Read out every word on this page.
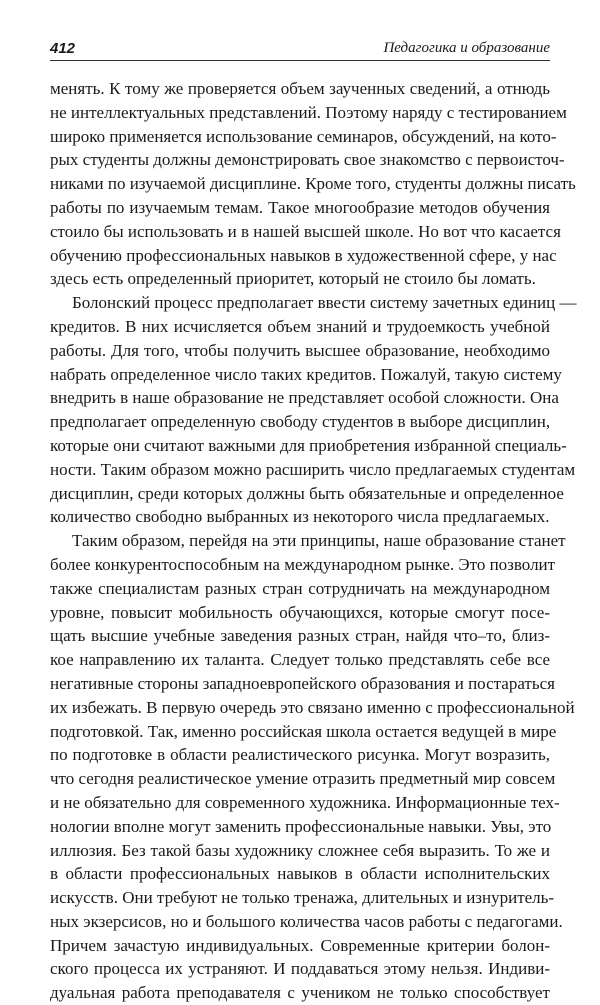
412	Педагогика и образование
менять. К тому же проверяется объем заученных сведений, а отнюдь
не интеллектуальных представлений. Поэтому наряду с тестированием
широко применяется использование семинаров, обсуждений, на кото-
рых студенты должны демонстрировать свое знакомство с первоисточ-
никами по изучаемой дисциплине. Кроме того, студенты должны писать
работы по изучаемым темам. Такое многообразие методов обучения
стоило бы использовать и в нашей высшей школе. Но вот что касается
обучению профессиональных навыков в художественной сфере, у нас
здесь есть определенный приоритет, который не стоило бы ломать.
Болонский процесс предполагает ввести систему зачетных единиц —
кредитов. В них исчисляется объем знаний и трудоемкость учебной
работы. Для того, чтобы получить высшее образование, необходимо
набрать определенное число таких кредитов. Пожалуй, такую систему
внедрить в наше образование не представляет особой сложности. Она
предполагает определенную свободу студентов в выборе дисциплин,
которые они считают важными для приобретения избранной специаль-
ности. Таким образом можно расширить число предлагаемых студентам
дисциплин, среди которых должны быть обязательные и определенное
количество свободно выбранных из некоторого числа предлагаемых.
Таким образом, перейдя на эти принципы, наше образование станет
более конкурентоспособным на международном рынке. Это позволит
также специалистам разных стран сотрудничать на международном
уровне, повысит мобильность обучающихся, которые смогут посе-
щать высшие учебные заведения разных стран, найдя что–то, близ-
кое направлению их таланта. Следует только представлять себе все
негативные стороны западноевропейского образования и постараться
их избежать. В первую очередь это связано именно с профессиональной
подготовкой. Так, именно российская школа остается ведущей в мире
по подготовке в области реалистического рисунка. Могут возразить,
что сегодня реалистическое умение отразить предметный мир совсем
и не обязательно для современного художника. Информационные тех-
нологии вполне могут заменить профессиональные навыки. Увы, это
иллюзия. Без такой базы художнику сложнее себя выразить. То же и
в области профессиональных навыков в области исполнительских
искусств. Они требуют не только тренажа, длительных и изнуритель-
ных экзерсисов, но и большого количества часов работы с педагогами.
Причем зачастую индивидуальных. Современные критерии болон-
ского процесса их устраняют. И поддаваться этому нельзя. Индиви-
дуальная работа преподавателя с учеником не только способствует
